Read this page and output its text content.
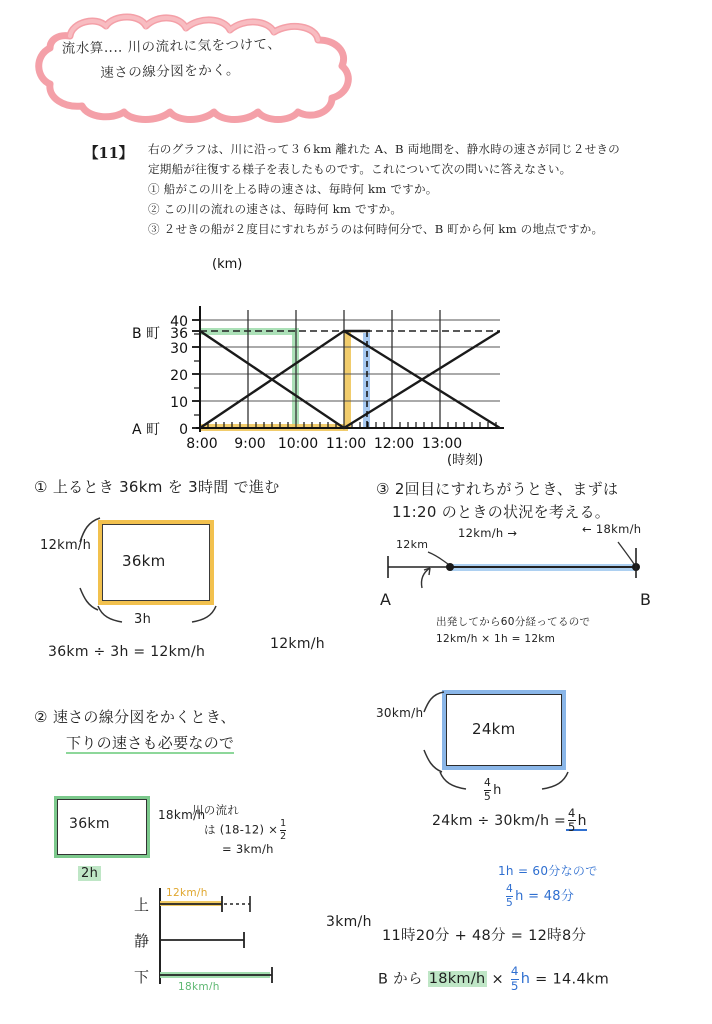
流水算‥‥ 川の流れに気をつけて、
速さの線分図をかく。
【11】 右のグラフは、川に沿って３６km 離れた A、B 両地間を、静水時の速さが同じ２せきの
定期船が往復する様子を表したものです。これについて次の問いに答えなさい。
① 船がこの川を上る時の速さは、毎時何 km ですか。
② この川の流れの速さは、毎時何 km ですか。
③ ２せきの船が２度目にすれちがうのは何時何分で、B 町から何 km の地点ですか。
(km)
(時刻)
40
36
30
20
10
0
B 町
A 町
8:00 9:00 10:00 11:00 12:00 13:00
① 上るとき 36km を 3時間 で進む
36km
12km/h
3h
36km ÷ 3h = 12km/h	12km/h
② 速さの線分図をかくとき、
下りの速さも必要なので
36km
18km/h
2h
川の流れ
は $(18-12) \times \frac{1}{2}$
= 3km/h
上
静
下
12km/h
18km/h
3km/h
③ 2回目にすれちがうとき、まずは
11:20 のときの状況を考える。
12km
12km/h →	← 18km/h
A	B
出発してから60分経ってるので
12km/h × 1h = 12km
24km
30km/h
$\frac{4}{5}$ h
$24km \div 30km/h = \frac{4}{5}$ h
1h = 60分なので
$\frac{4}{5}$ h = 48分
11時20分 + 48分 = 12時8分
B から $18km/h \times \frac{4}{5}$ h = 14.4km
